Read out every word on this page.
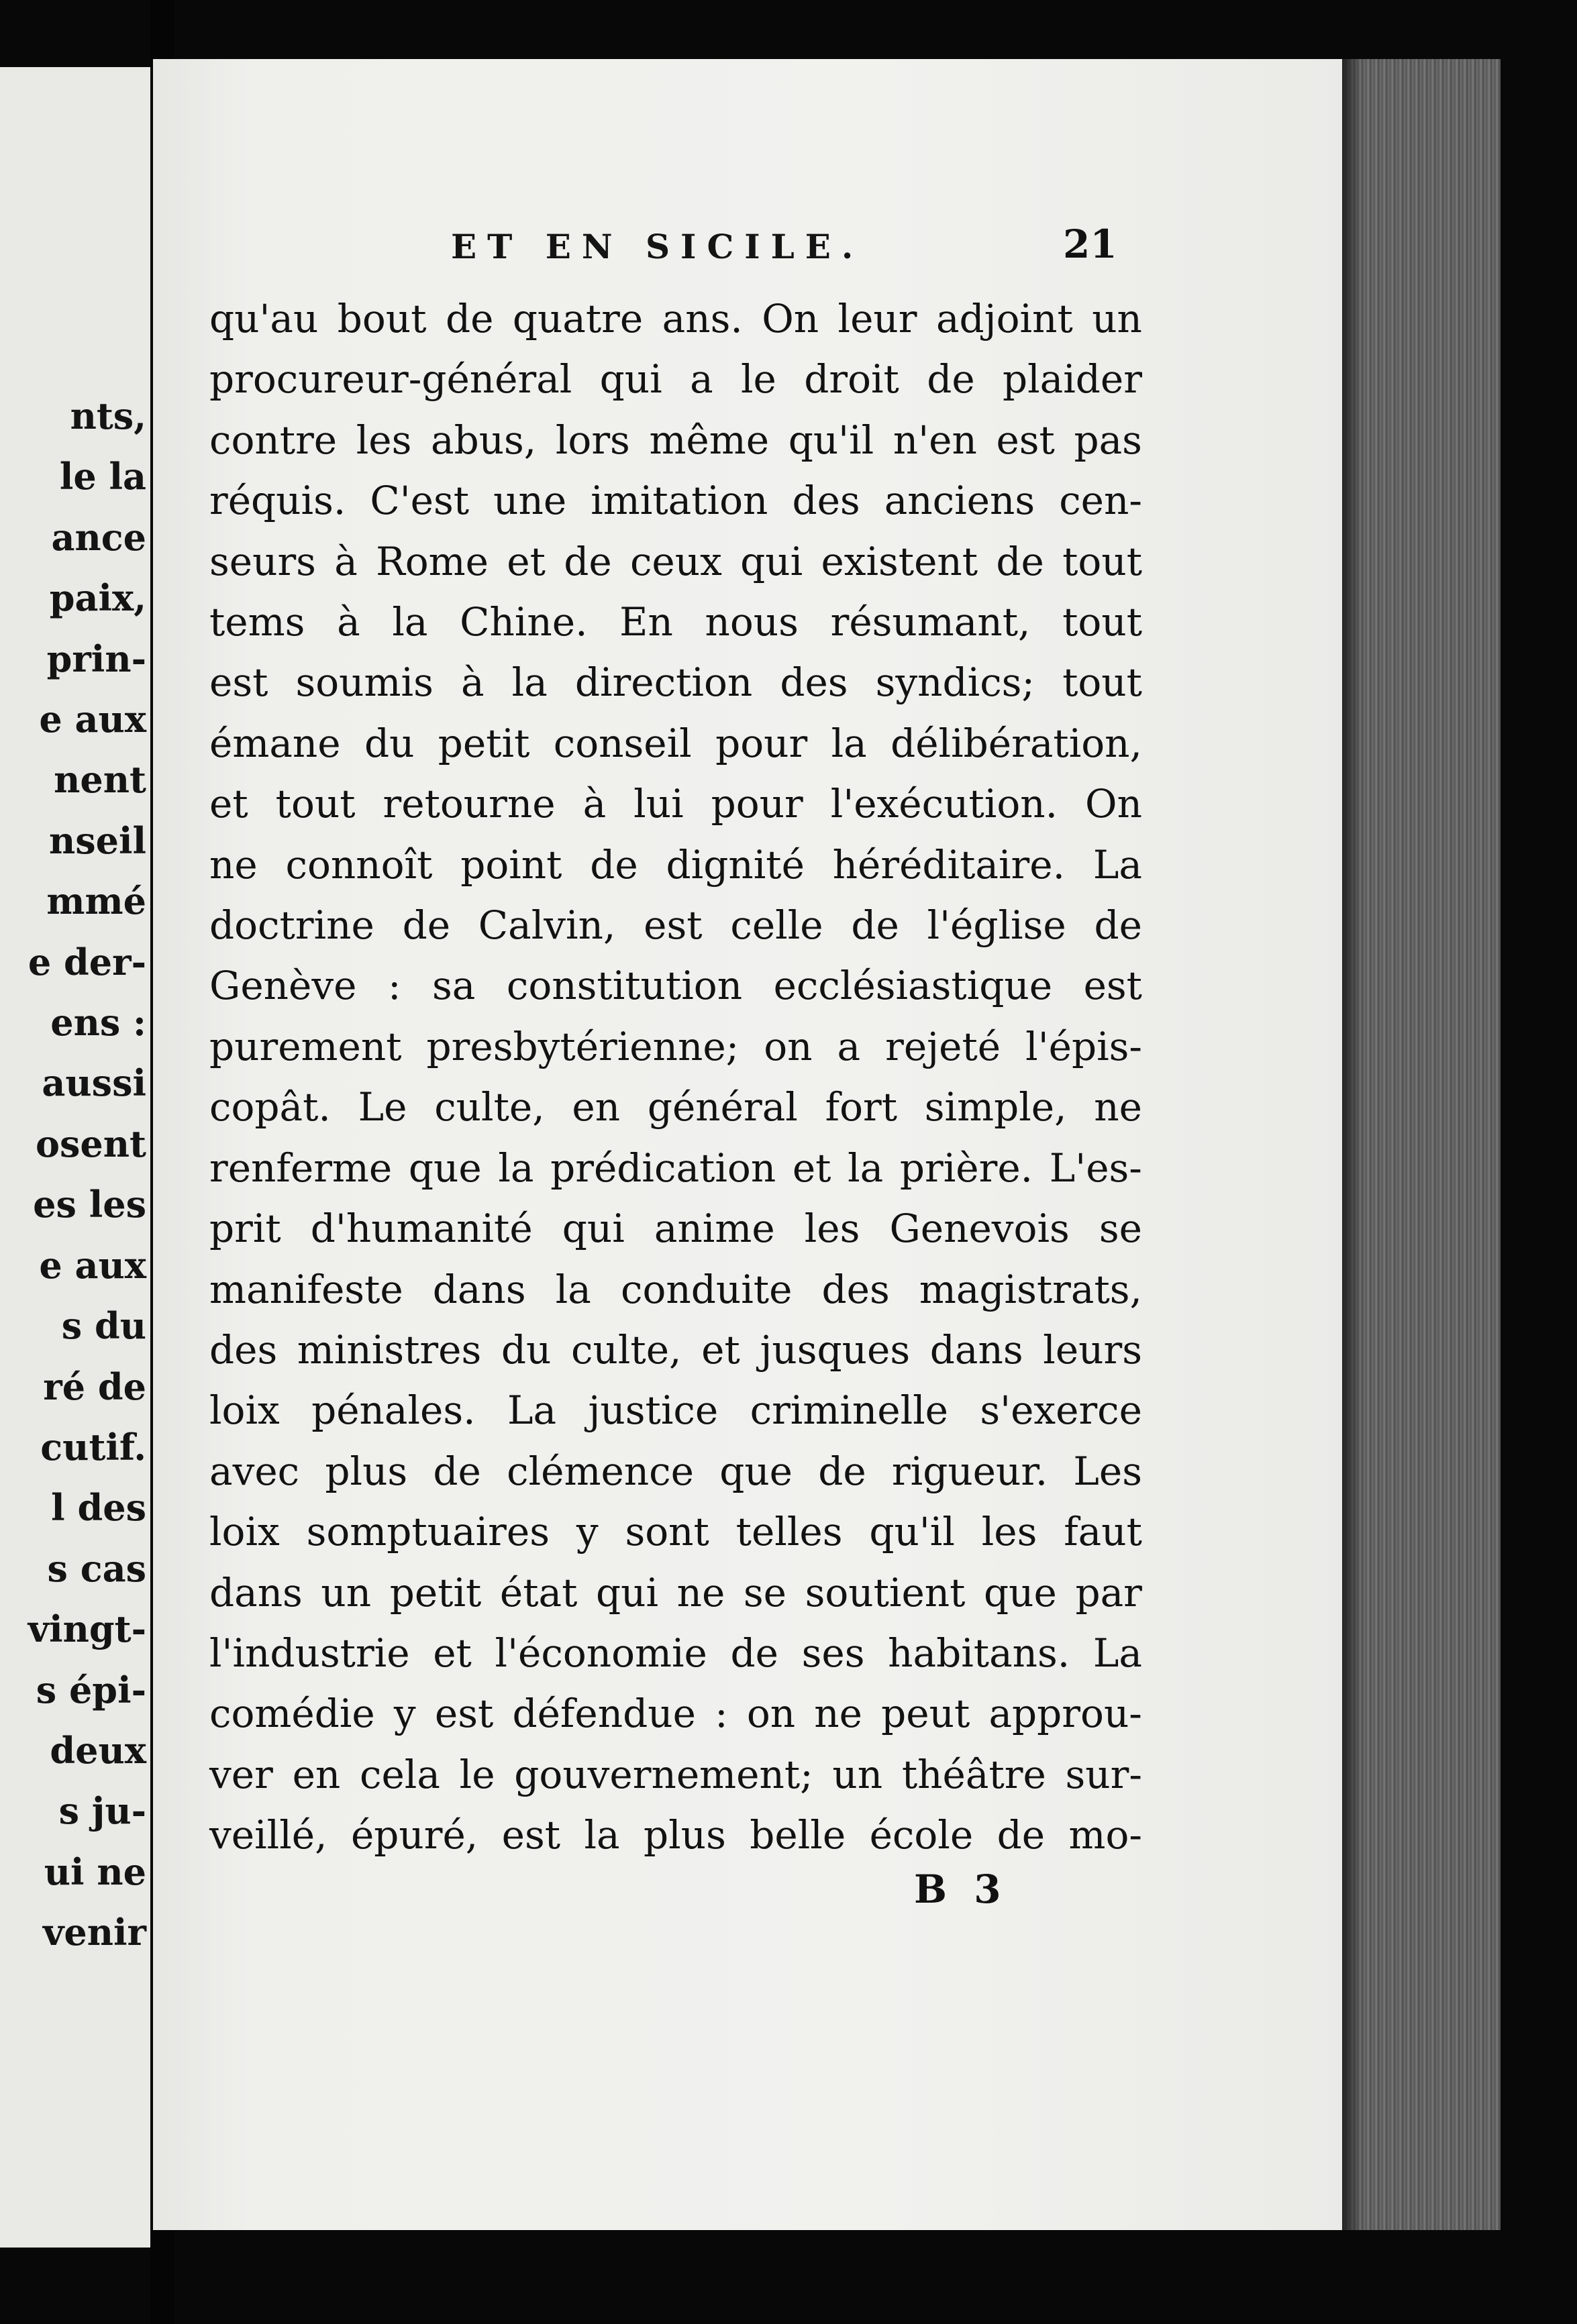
nts,
le la
ance
paix,
prin-
e aux
nent
nseil
mmé
e der-
ens :
aussi
osent
es les
e aux
s du
ré de
cutif.
l des
s cas
vingt-
s épi-
deux
s ju-
ui ne
venir
ET EN SICILE.	21
qu'au bout de quatre ans. On leur adjoint un
procureur-général qui a le droit de plaider
contre les abus, lors même qu'il n'en est pas
réquis. C'est une imitation des anciens cen-
seurs à Rome et de ceux qui existent de tout
tems à la Chine. En nous résumant, tout
est soumis à la direction des syndics; tout
émane du petit conseil pour la délibération,
et tout retourne à lui pour l'exécution. On
ne connoît point de dignité héréditaire. La
doctrine de Calvin, est celle de l'église de
Genève : sa constitution ecclésiastique est
purement presbytérienne; on a rejeté l'épis-
copât. Le culte, en général fort simple, ne
renferme que la prédication et la prière. L'es-
prit d'humanité qui anime les Genevois se
manifeste dans la conduite des magistrats,
des ministres du culte, et jusques dans leurs
loix pénales. La justice criminelle s'exerce
avec plus de clémence que de rigueur. Les
loix somptuaires y sont telles qu'il les faut
dans un petit état qui ne se soutient que par
l'industrie et l'économie de ses habitans. La
comédie y est défendue : on ne peut approu-
ver en cela le gouvernement; un théâtre sur-
veillé, épuré, est la plus belle école de mo-
B 3
